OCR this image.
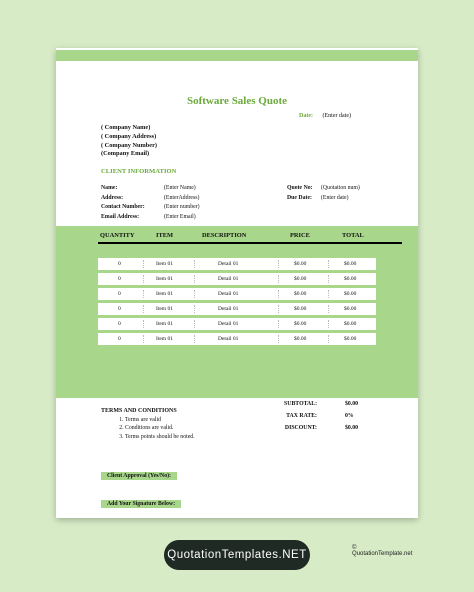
Software Sales Quote
Date: (Enter date)
( Company Name)
( Company Address)
( Company Number)
(Company Email)
CLIENT INFORMATION
Name:	(Enter Name)
Address:	(EnterAddress)
Contact Number:	(Enter number)
Email Address:	(Enter Email)
Quote No:	(Quotation num)
Due Date:	(Enter date)
QUANTITY	ITEM	DESCRIPTION	PRICE	TOTAL
0	Item 01	Detail 01	$0.00	$0.00
0	Item 01	Detail 01	$0.00	$0.00
0	Item 01	Detail 01	$0.00	$0.00
0	Item 01	Detail 01	$0.00	$0.00
0	Item 01	Detail 01	$0.00	$0.00
0	Item 01	Detail 01	$0.00	$0.00
SUBTOTAL:	$0.00
TAX RATE:	0%
DISCOUNT:	$0.00
TOTAL:	$0.00
TERMS AND CONDITIONS
1. Terms are valid
2. Conditions are valid.
3. Terms points should be noted.
Client Approval (Yes/No):
Add Your Signature Below:
© QuotationTemplate.net
QuotationTemplates.NET
